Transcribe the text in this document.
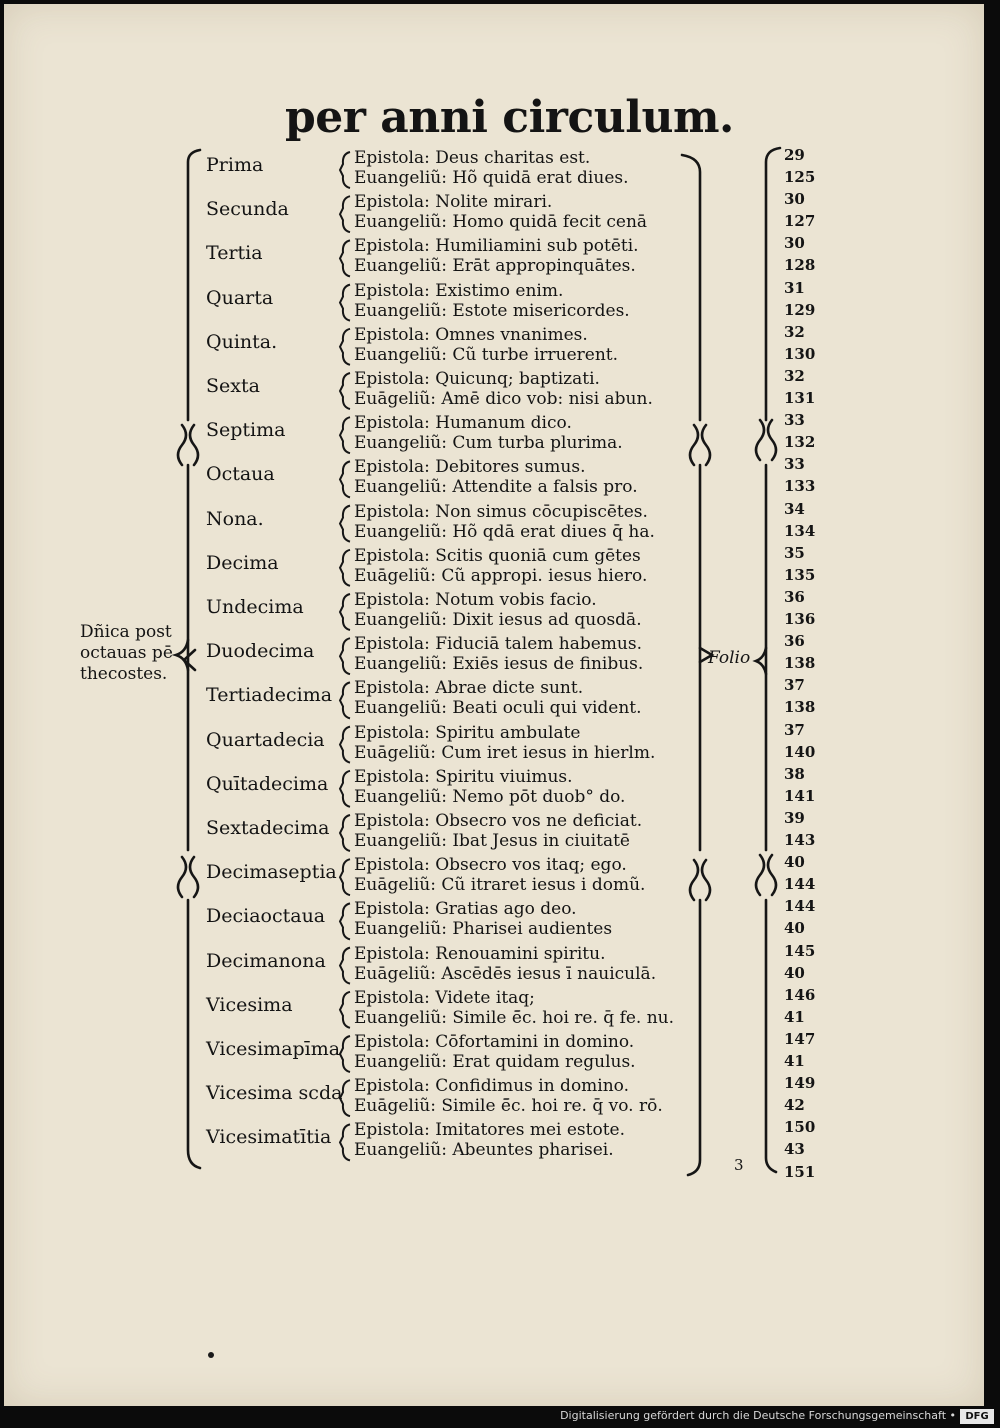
per anni circulum.
Dñica post
octauas pē
thecostes.
Folio
3
Prima	Epistola: Deus charitas est.
Euangeliũ: Hõ quidā erat diues.
29
125
Secunda	Epistola: Nolite mirari.
Euangeliũ: Homo quidā fecit cenā
30
127
Tertia	Epistola: Humiliamini sub potēti.
Euangeliũ: Erāt appropinquātes.
30
128
Quarta	Epistola: Existimo enim.
Euangeliũ: Estote misericordes.
31
129
Quinta.	Epistola: Omnes vnanimes.
Euangeliũ: Cũ turbe irruerent.
32
130
Sexta	Epistola: Quicunq; baptizati.
Euāgeliũ: Amē dico vob: nisi abun.
32
131
Septima	Epistola: Humanum dico.
Euangeliũ: Cum turba plurima.
33
132
Octaua	Epistola: Debitores sumus.
Euangeliũ: Attendite a falsis pro.
33
133
Nona.	Epistola: Non simus cōcupiscētes.
Euangeliũ: Hõ qdā erat diues q̄ ha.
34
134
Decima	Epistola: Scitis quoniā cum gētes
Euāgeliũ: Cũ appropi. iesus hiero.
35
135
Undecima	Epistola: Notum vobis facio.
Euangeliũ: Dixit iesus ad quosdā.
36
136
Duodecima Epistola: Fiduciā talem habemus.
Euangeliũ: Exiēs iesus de finibus.
36
138
Tertiadecima Epistola: Abrae dicte sunt.
Euangeliũ: Beati oculi qui vident.
37
138
Quartadecia Epistola: Spiritu ambulate
Euāgeliũ: Cum iret iesus in hierlm.
37
140
Quītadecima Epistola: Spiritu viuimus.
Euangeliũ: Nemo pōt duob° do.
38
141
Sextadecima Epistola: Obsecro vos ne deficiat.
Euangeliũ: Ibat Jesus in ciuitatē
39
143
Decimaseptia Epistola: Obsecro vos itaq; ego.
Euāgeliũ: Cũ itraret iesus i domũ.
40
144
Deciaoctaua Epistola: Gratias ago deo.
Euangeliũ: Pharisei audientes
144
40
Decimanona Epistola: Renouamini spiritu.
Euāgeliũ: Ascēdēs iesus ī nauiculā.
145
40
Vicesima	Epistola: Videte itaq;
Euangeliũ: Simile ē̄c. hoi re. q̄ fe. nu.
146
41
Vicesimapīma Epistola: Cōfortamini in domino.
Euangeliũ: Erat quidam regulus.
147
41
Vicesima scda Epistola: Confidimus in domino.
Euāgeliũ: Simile ē̄c. hoi re. q̄ vo. rō.
149
42
Vicesimatītia Epistola: Imitatores mei estote.
Euangeliũ: Abeuntes pharisei.
150
43
151
Digitalisierung gefördert durch die Deutsche Forschungsgemeinschaft • DFG
